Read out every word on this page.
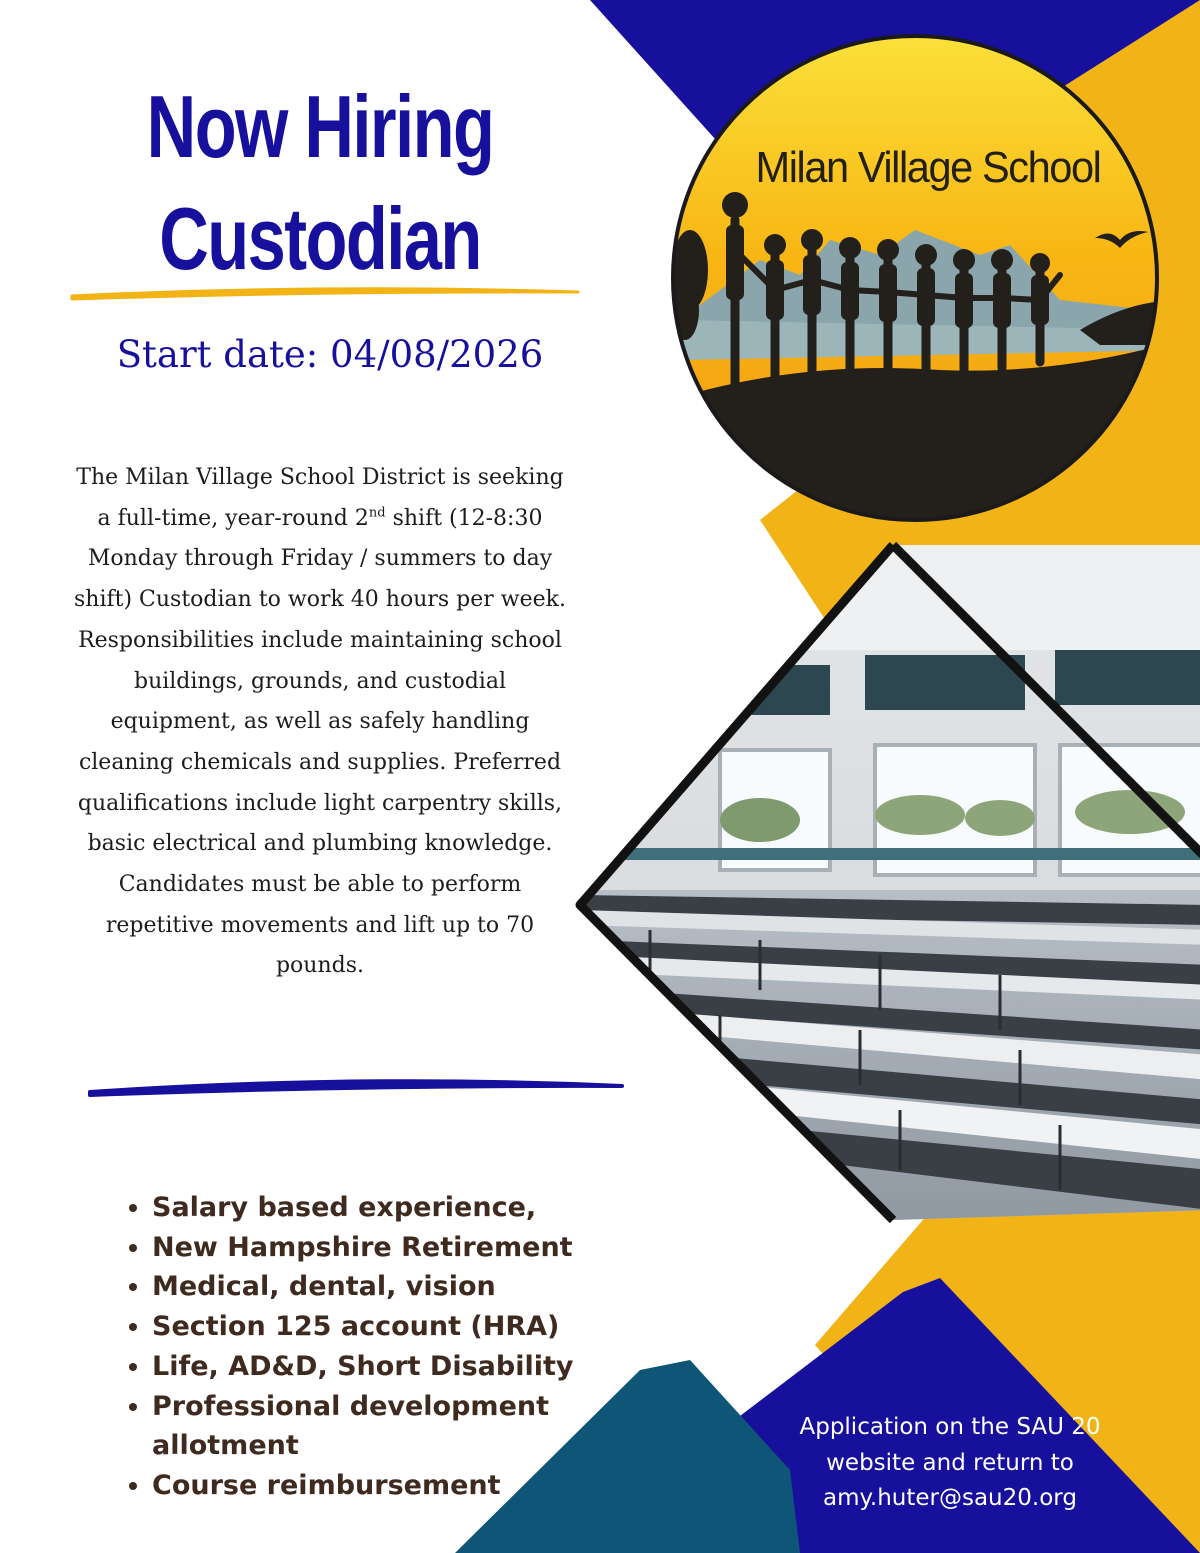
Milan Village School
Now Hiring
Custodian

Start date: 04/08/2026

The Milan Village School District is seeking a full-time, year-round 2nd shift (12-8:30 Monday through Friday / summers to day shift) Custodian to work 40 hours per week. Responsibilities include maintaining school buildings, grounds, and custodial equipment, as well as safely handling cleaning chemicals and supplies. Preferred qualifications include light carpentry skills, basic electrical and plumbing knowledge. Candidates must be able to perform repetitive movements and lift up to 70 pounds.

• Salary based experience,
• New Hampshire Retirement
• Medical, dental, vision
• Section 125 account (HRA)
• Life, AD&D, Short Disability
• Professional development allotment
• Course reimbursement

Application on the SAU 20
website and return to
amy.huter@sau20.org
